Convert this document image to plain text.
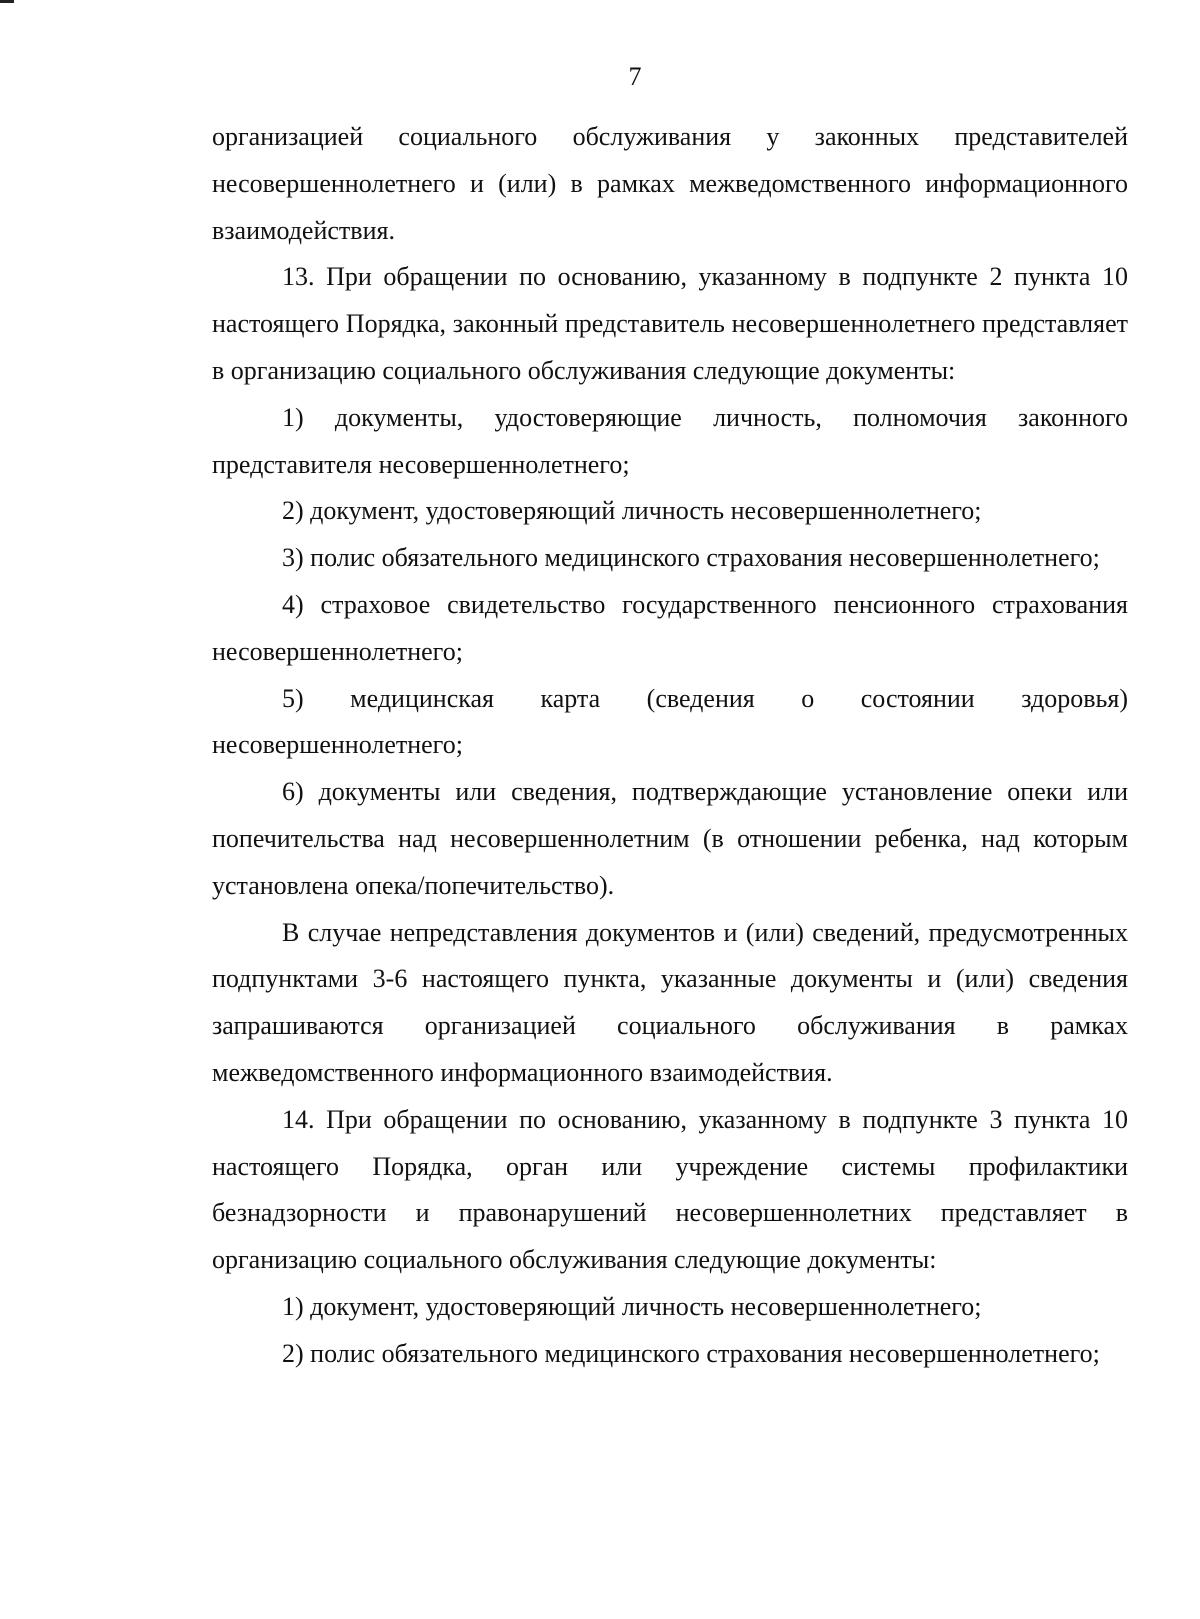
7

организацией социального обслуживания у законных представителей несовершеннолетнего и (или) в рамках межведомственного информационного взаимодействия.

13. При обращении по основанию, указанному в подпункте 2 пункта 10 настоящего Порядка, законный представитель несовершеннолетнего представляет в организацию социального обслуживания следующие документы:

1) документы, удостоверяющие личность, полномочия законного представителя несовершеннолетнего;

2) документ, удостоверяющий личность несовершеннолетнего;

3) полис обязательного медицинского страхования несовершеннолетнего;

4) страховое свидетельство государственного пенсионного страхования несовершеннолетнего;

5) медицинская карта (сведения о состоянии здоровья) несовершеннолетнего;

6) документы или сведения, подтверждающие установление опеки или попечительства над несовершеннолетним (в отношении ребенка, над которым установлена опека/попечительство).

В случае непредставления документов и (или) сведений, предусмотренных подпунктами 3-6 настоящего пункта, указанные документы и (или) сведения запрашиваются организацией социального обслуживания в рамках межведомственного информационного взаимодействия.

14. При обращении по основанию, указанному в подпункте 3 пункта 10 настоящего Порядка, орган или учреждение системы профилактики безнадзорности и правонарушений несовершеннолетних представляет в организацию социального обслуживания следующие документы:

1) документ, удостоверяющий личность несовершеннолетнего;

2) полис обязательного медицинского страхования несовершеннолетнего;
